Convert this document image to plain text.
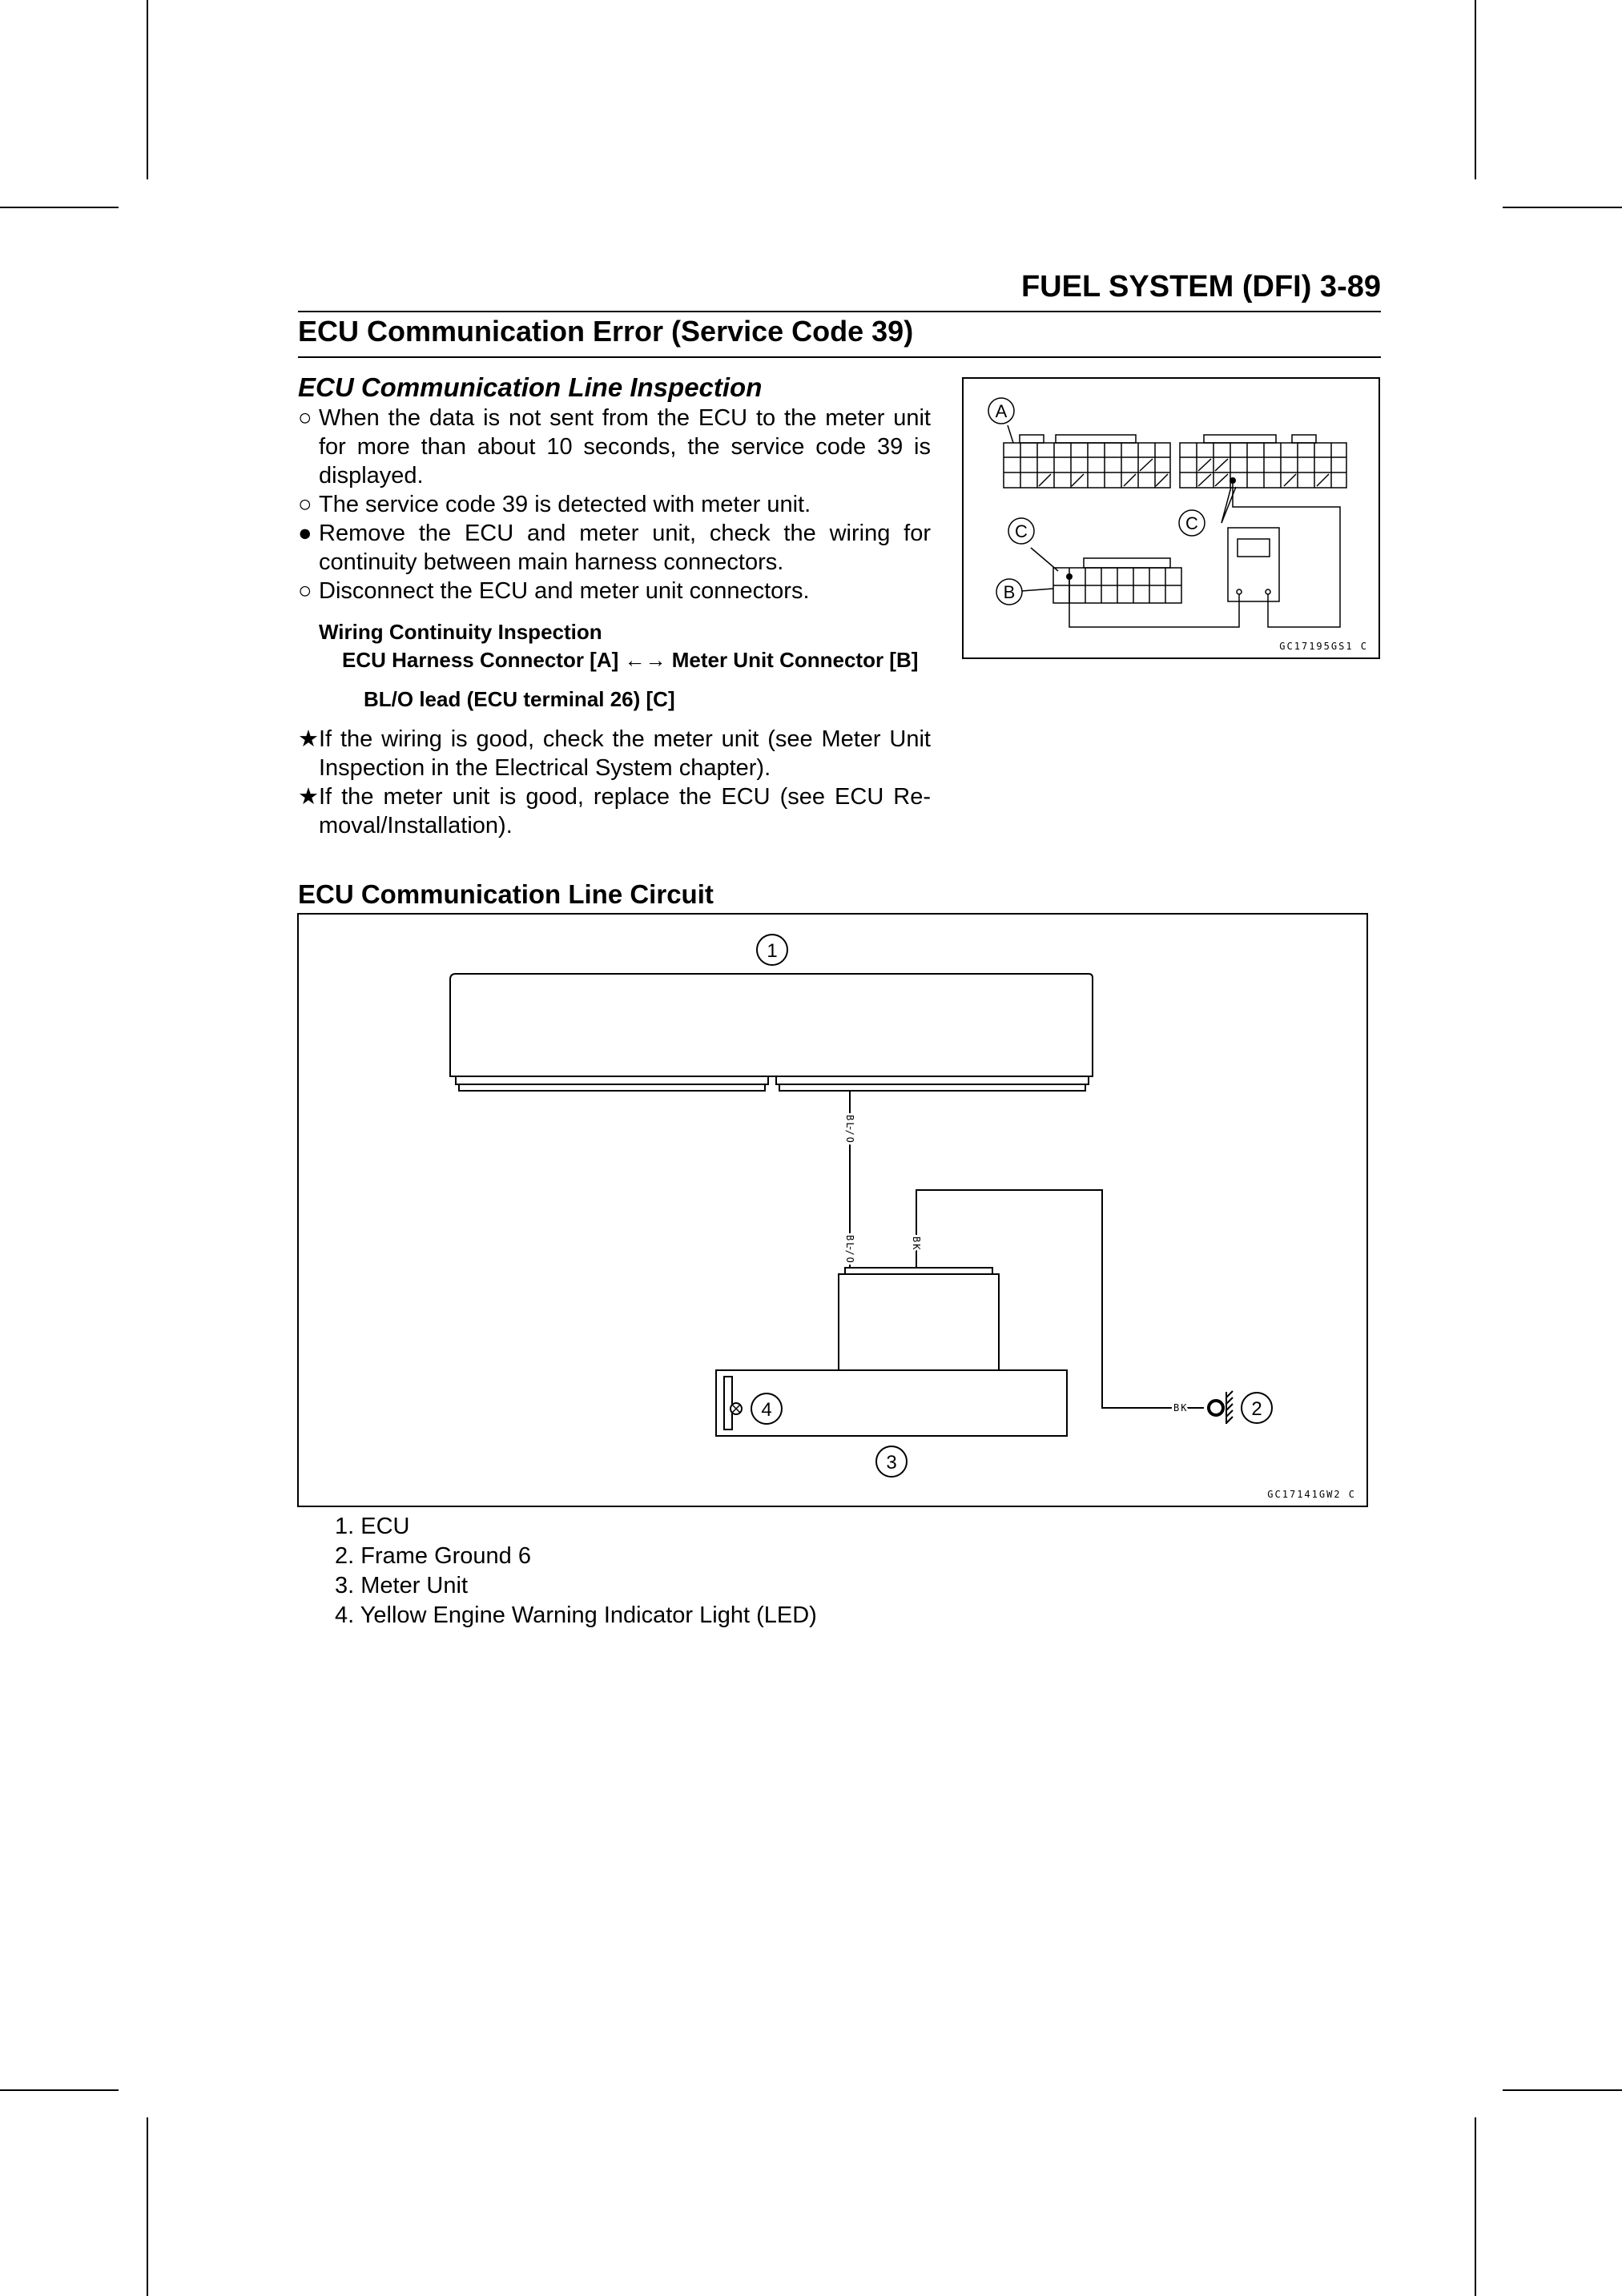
FUEL SYSTEM (DFI) 3-89
ECU Communication Error (Service Code 39)
ECU Communication Line Inspection

○ When the data is not sent from the ECU to the meter unit for more than about 10 seconds, the service code 39 is displayed.

○ The service code 39 is detected with meter unit.

● Remove the ECU and meter unit, check the wiring for continuity between main harness connectors.

○ Disconnect the ECU and meter unit connectors.

Wiring Continuity Inspection
ECU Harness Connector [A] ←→ Meter Unit Connector [B]
BL/O lead (ECU terminal 26) [C]

★ If the wiring is good, check the meter unit (see Meter Unit Inspection in the Electrical System chapter).

★ If the meter unit is good, replace the ECU (see ECU Re-moval/Installation).

A
C	C
B
GC17195GS1 C
ECU Communication Line Circuit
1
BL/O
BL/O	BK
BK
4
3
2
GC17141GW2 C
1. ECU
2. Frame Ground 6
3. Meter Unit
4. Yellow Engine Warning Indicator Light (LED)
